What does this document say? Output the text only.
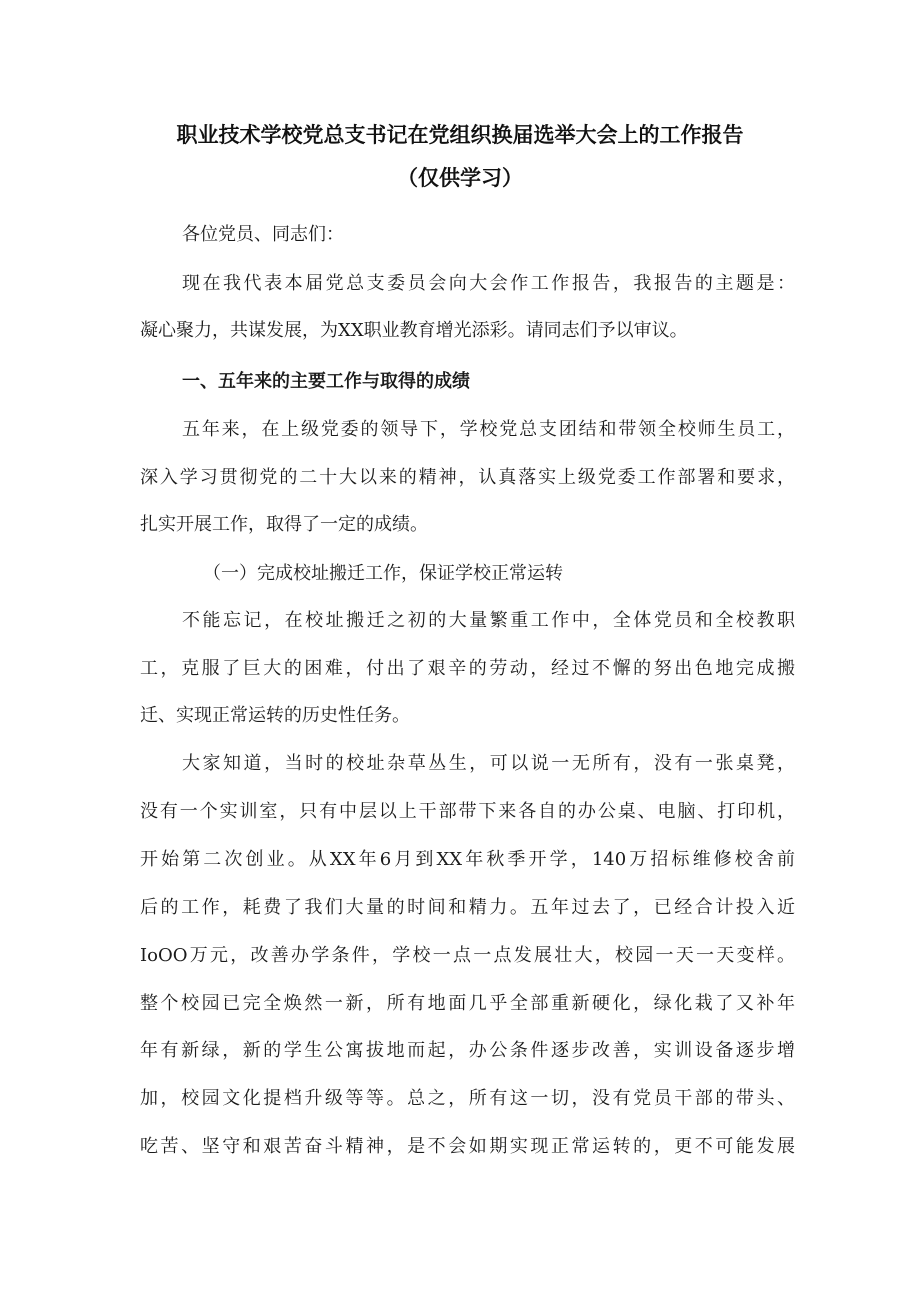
职业技术学校党总支书记在党组织换届选举大会上的工作报告
（仅供学习）

各位党员、同志们：

现在我代表本届党总支委员会向大会作工作报告，我报告的主题是：

凝心聚力，共谋发展，为XX职业教育增光添彩。请同志们予以审议。

一、五年来的主要工作与取得的成绩

五年来，在上级党委的领导下，学校党总支团结和带领全校师生员工，

深入学习贯彻党的二十大以来的精神，认真落实上级党委工作部署和要求，

扎实开展工作，取得了一定的成绩。

（一）完成校址搬迁工作，保证学校正常运转

不能忘记，在校址搬迁之初的大量繁重工作中，全体党员和全校教职

工，克服了巨大的困难，付出了艰辛的劳动，经过不懈的努出色地完成搬

迁、实现正常运转的历史性任务。

大家知道，当时的校址杂草丛生，可以说一无所有，没有一张桌凳，

没有一个实训室，只有中层以上干部带下来各自的办公桌、电脑、打印机，

开始第二次创业。从XX年6月到XX年秋季开学，140万招标维修校舍前

后的工作，耗费了我们大量的时间和精力。五年过去了，已经合计投入近

IoOO万元，改善办学条件，学校一点一点发展壮大，校园一天一天变样。

整个校园已完全焕然一新，所有地面几乎全部重新硬化，绿化栽了又补年

年有新绿，新的学生公寓拔地而起，办公条件逐步改善，实训设备逐步增

加，校园文化提档升级等等。总之，所有这一切，没有党员干部的带头、

吃苦、坚守和艰苦奋斗精神，是不会如期实现正常运转的，更不可能发展
